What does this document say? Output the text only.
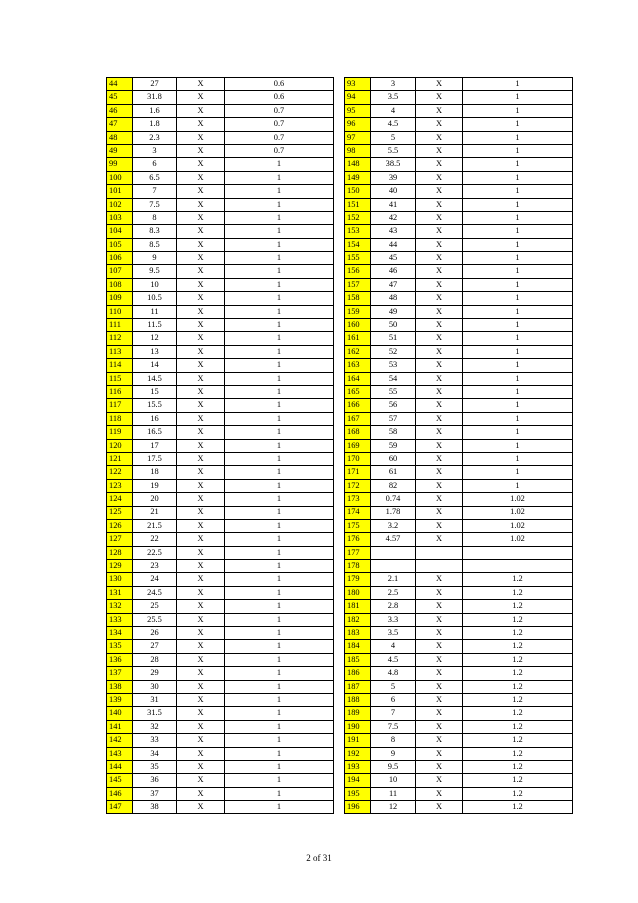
44	27	X	0.6		93	3	X	1
45	31.8	X	0.6		94	3.5	X	1
46	1.6	X	0.7		95	4	X	1
47	1.8	X	0.7		96	4.5	X	1
48	2.3	X	0.7		97	5	X	1
49	3	X	0.7		98	5.5	X	1
99	6	X	1		148	38.5	X	1
100	6.5	X	1		149	39	X	1
101	7	X	1		150	40	X	1
102	7.5	X	1		151	41	X	1
103	8	X	1		152	42	X	1
104	8.3	X	1		153	43	X	1
105	8.5	X	1		154	44	X	1
106	9	X	1		155	45	X	1
107	9.5	X	1		156	46	X	1
108	10	X	1		157	47	X	1
109	10.5	X	1		158	48	X	1
110	11	X	1		159	49	X	1
111	11.5	X	1		160	50	X	1
112	12	X	1		161	51	X	1
113	13	X	1		162	52	X	1
114	14	X	1		163	53	X	1
115	14.5	X	1		164	54	X	1
116	15	X	1		165	55	X	1
117	15.5	X	1		166	56	X	1
118	16	X	1		167	57	X	1
119	16.5	X	1		168	58	X	1
120	17	X	1		169	59	X	1
121	17.5	X	1		170	60	X	1
122	18	X	1		171	61	X	1
123	19	X	1		172	82	X	1
124	20	X	1		173	0.74	X	1.02
125	21	X	1		174	1.78	X	1.02
126	21.5	X	1		175	3.2	X	1.02
127	22	X	1		176	4.57	X	1.02
128	22.5	X	1		177			
129	23	X	1		178			
130	24	X	1		179	2.1	X	1.2
131	24.5	X	1		180	2.5	X	1.2
132	25	X	1		181	2.8	X	1.2
133	25.5	X	1		182	3.3	X	1.2
134	26	X	1		183	3.5	X	1.2
135	27	X	1		184	4	X	1.2
136	28	X	1		185	4.5	X	1.2
137	29	X	1		186	4.8	X	1.2
138	30	X	1		187	5	X	1.2
139	31	X	1		188	6	X	1.2
140	31.5	X	1		189	7	X	1.2
141	32	X	1		190	7.5	X	1.2
142	33	X	1		191	8	X	1.2
143	34	X	1		192	9	X	1.2
144	35	X	1		193	9.5	X	1.2
145	36	X	1		194	10	X	1.2
146	37	X	1		195	11	X	1.2
147	38	X	1		196	12	X	1.2
2 of 31
